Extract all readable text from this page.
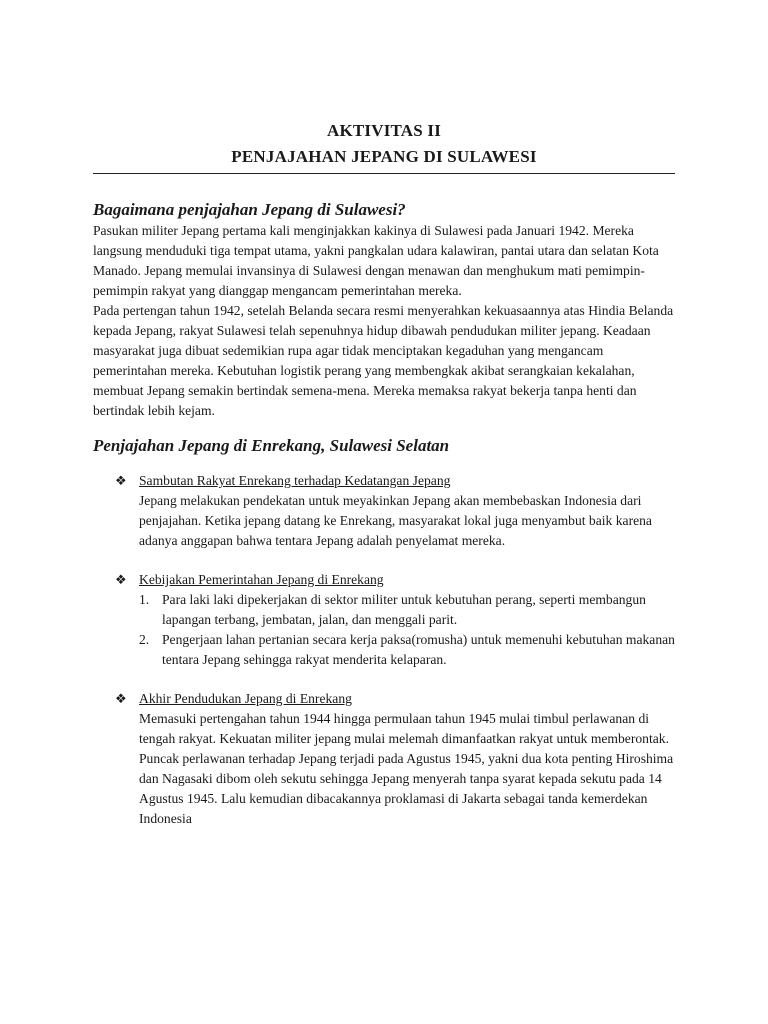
AKTIVITAS II
PENJAJAHAN JEPANG DI SULAWESI
Bagaimana penjajahan Jepang di Sulawesi?

Pasukan militer Jepang pertama kali menginjakkan kakinya di Sulawesi pada Januari 1942. Mereka langsung menduduki tiga tempat utama, yakni pangkalan udara kalawiran, pantai utara dan selatan Kota Manado. Jepang memulai invansinya di Sulawesi dengan menawan dan menghukum mati pemimpin-pemimpin rakyat yang dianggap mengancam pemerintahan mereka.

Pada pertengan tahun 1942, setelah Belanda secara resmi menyerahkan kekuasaannya atas Hindia Belanda kepada Jepang, rakyat Sulawesi telah sepenuhnya hidup dibawah pendudukan militer jepang. Keadaan masyarakat juga dibuat sedemikian rupa agar tidak menciptakan kegaduhan yang mengancam pemerintahan mereka. Kebutuhan logistik perang yang membengkak akibat serangkaian kekalahan, membuat Jepang semakin bertindak semena-mena. Mereka memaksa rakyat bekerja tanpa henti dan bertindak lebih kejam.

Penjajahan Jepang di Enrekang, Sulawesi Selatan
❖ Sambutan Rakyat Enrekang terhadap Kedatangan Jepang

Jepang melakukan pendekatan untuk meyakinkan Jepang akan membebaskan Indonesia dari penjajahan. Ketika jepang datang ke Enrekang, masyarakat lokal juga menyambut baik karena adanya anggapan bahwa tentara Jepang adalah penyelamat mereka.

❖ Kebijakan Pemerintahan Jepang di Enrekang

1. Para laki laki dipekerjakan di sektor militer untuk kebutuhan perang, seperti membangun lapangan terbang, jembatan, jalan, dan menggali parit.
2. Pengerjaan lahan pertanian secara kerja paksa(romusha) untuk memenuhi kebutuhan makanan tentara Jepang sehingga rakyat menderita kelaparan.
❖ Akhir Pendudukan Jepang di Enrekang

Memasuki pertengahan tahun 1944 hingga permulaan tahun 1945 mulai timbul perlawanan di tengah rakyat. Kekuatan militer jepang mulai melemah dimanfaatkan rakyat untuk memberontak. Puncak perlawanan terhadap Jepang terjadi pada Agustus 1945, yakni dua kota penting Hiroshima dan Nagasaki dibom oleh sekutu sehingga Jepang menyerah tanpa syarat kepada sekutu pada 14 Agustus 1945. Lalu kemudian dibacakannya proklamasi di Jakarta sebagai tanda kemerdekan Indonesia
